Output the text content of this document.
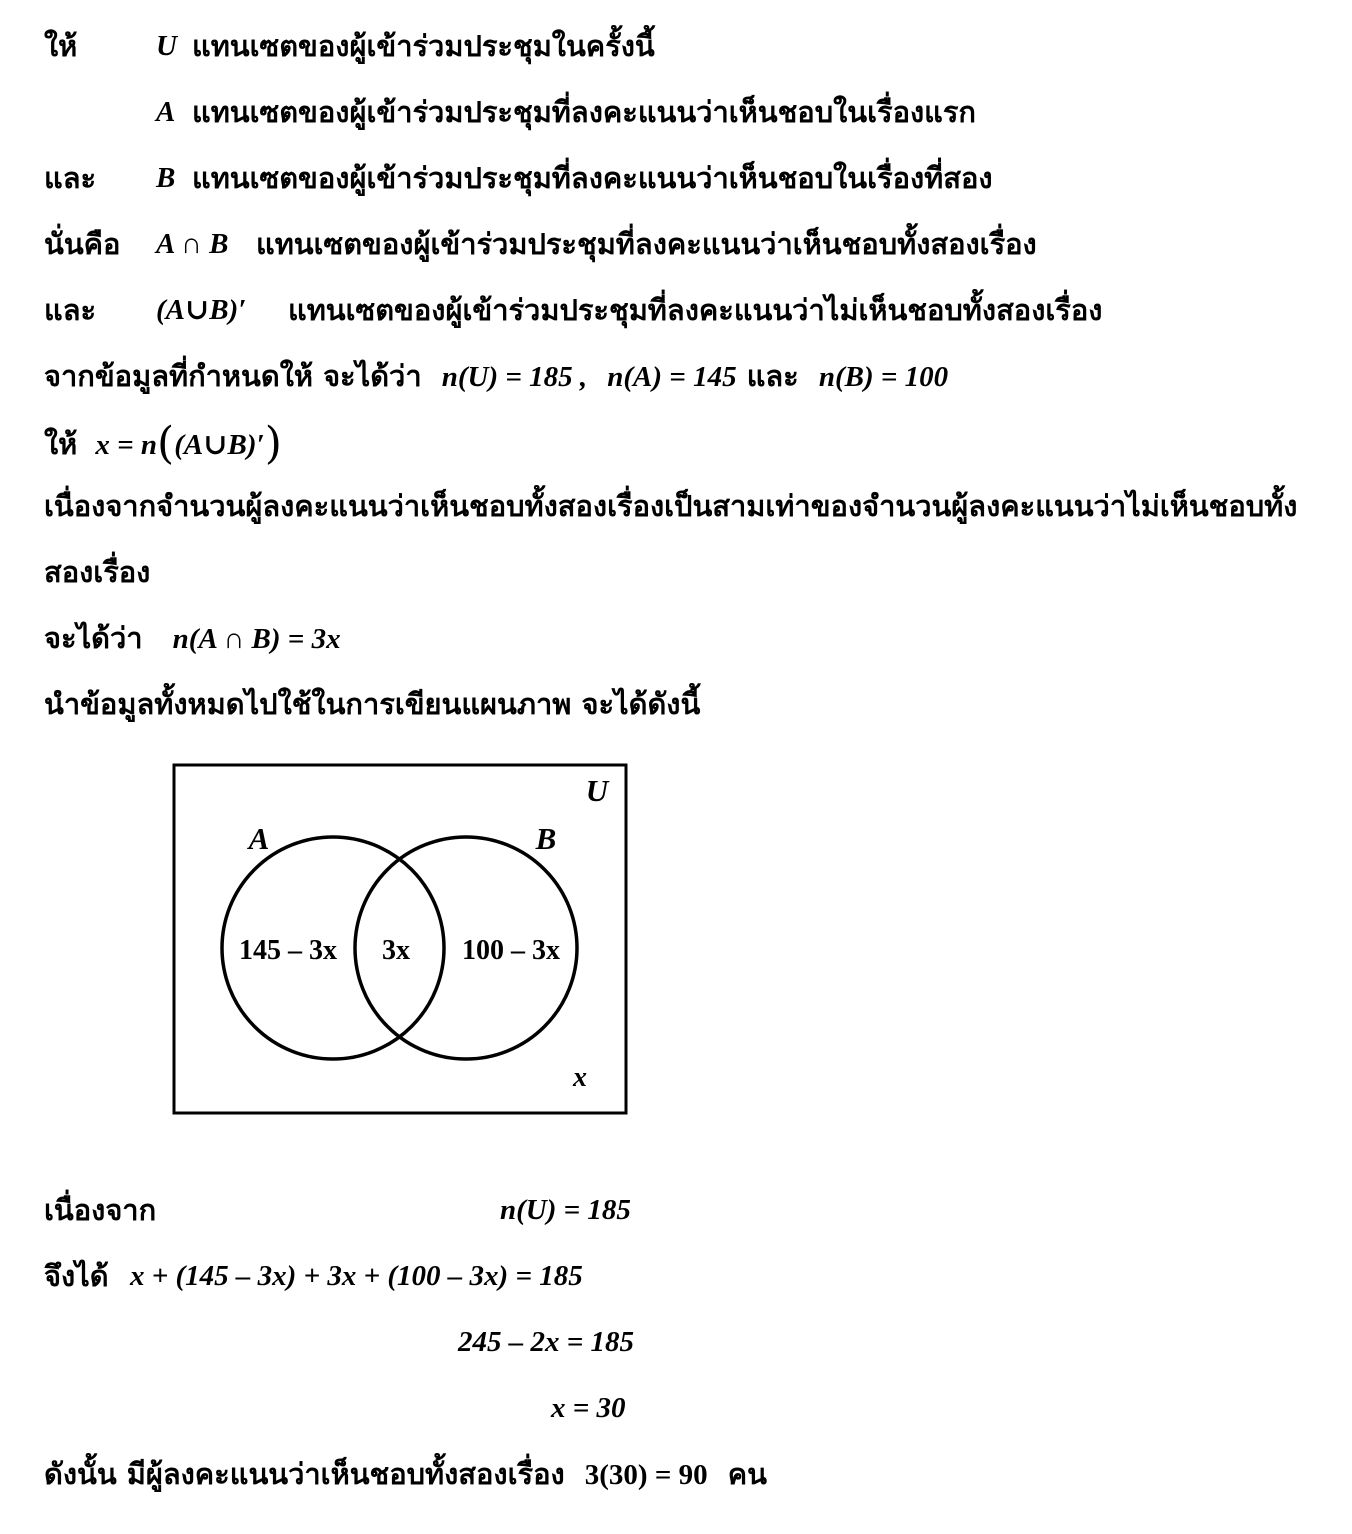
ให้	U แทนเซตของผู้เข้าร่วมประชุมในครั้งนี้
A แทนเซตของผู้เข้าร่วมประชุมที่ลงคะแนนว่าเห็นชอบในเรื่องแรก
และ B แทนเซตของผู้เข้าร่วมประชุมที่ลงคะแนนว่าเห็นชอบในเรื่องที่สอง
นั่นคือ A ∩ B แทนเซตของผู้เข้าร่วมประชุมที่ลงคะแนนว่าเห็นชอบทั้งสองเรื่อง
และ (A∪B)′ แทนเซตของผู้เข้าร่วมประชุมที่ลงคะแนนว่าไม่เห็นชอบทั้งสองเรื่อง
จากข้อมูลที่กำหนดให้ จะได้ว่า n(U) = 185 , n(A) = 145 และ n(B) = 100
ให้ x = n((A∪B)′)
เนื่องจากจำนวนผู้ลงคะแนนว่าเห็นชอบทั้งสองเรื่องเป็นสามเท่าของจำนวนผู้ลงคะแนนว่าไม่เห็นชอบทั้ง
สองเรื่อง
จะได้ว่า n(A ∩ B) = 3x
นำข้อมูลทั้งหมดไปใช้ในการเขียนแผนภาพ จะได้ดังนี้
U
A	B
145 – 3x 3x 100 – 3x
x
เนื่องจาก	n(U) = 185
จึงได้ x + (145 – 3x) + 3x + (100 – 3x) = 185
245 – 2x = 185
x = 30
ดังนั้น มีผู้ลงคะแนนว่าเห็นชอบทั้งสองเรื่อง 3(30) = 90 คน
